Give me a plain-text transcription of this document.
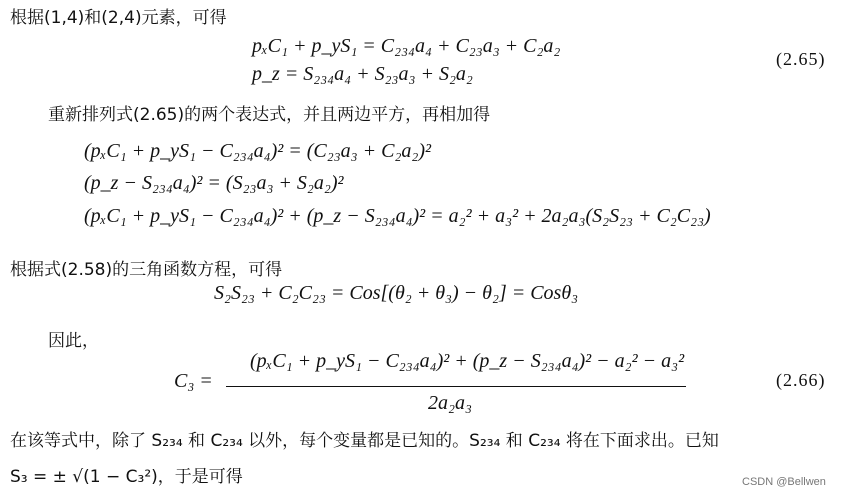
根据(1,4)和(2,4)元素，可得
pₓC₁ + p_yS₁ = C₂₃₄a₄ + C₂₃a₃ + C₂a₂
p_z = S₂₃₄a₄ + S₂₃a₃ + S₂a₂
(2.65)
重新排列式(2.65)的两个表达式，并且两边平方，再相加得
(pₓC₁ + p_yS₁ − C₂₃₄a₄)² = (C₂₃a₃ + C₂a₂)²
(p_z − S₂₃₄a₄)² = (S₂₃a₃ + S₂a₂)²
(pₓC₁ + p_yS₁ − C₂₃₄a₄)² + (p_z − S₂₃₄a₄)² = a₂² + a₃² + 2a₂a₃(S₂S₂₃ + C₂C₂₃)
根据式(2.58)的三角函数方程，可得
S₂S₂₃ + C₂C₂₃ = Cos[(θ₂ + θ₃) − θ₂] = Cosθ₃
因此，
C₃ =
(pₓC₁ + p_yS₁ − C₂₃₄a₄)² + (p_z − S₂₃₄a₄)² − a₂² − a₃²
2a₂a₃
(2.66)
在该等式中，除了 S₂₃₄ 和 C₂₃₄ 以外，每个变量都是已知的。S₂₃₄ 和 C₂₃₄ 将在下面求出。已知
S₃ = ± √(1 − C₃²)，于是可得	CSDN @Bellwen
